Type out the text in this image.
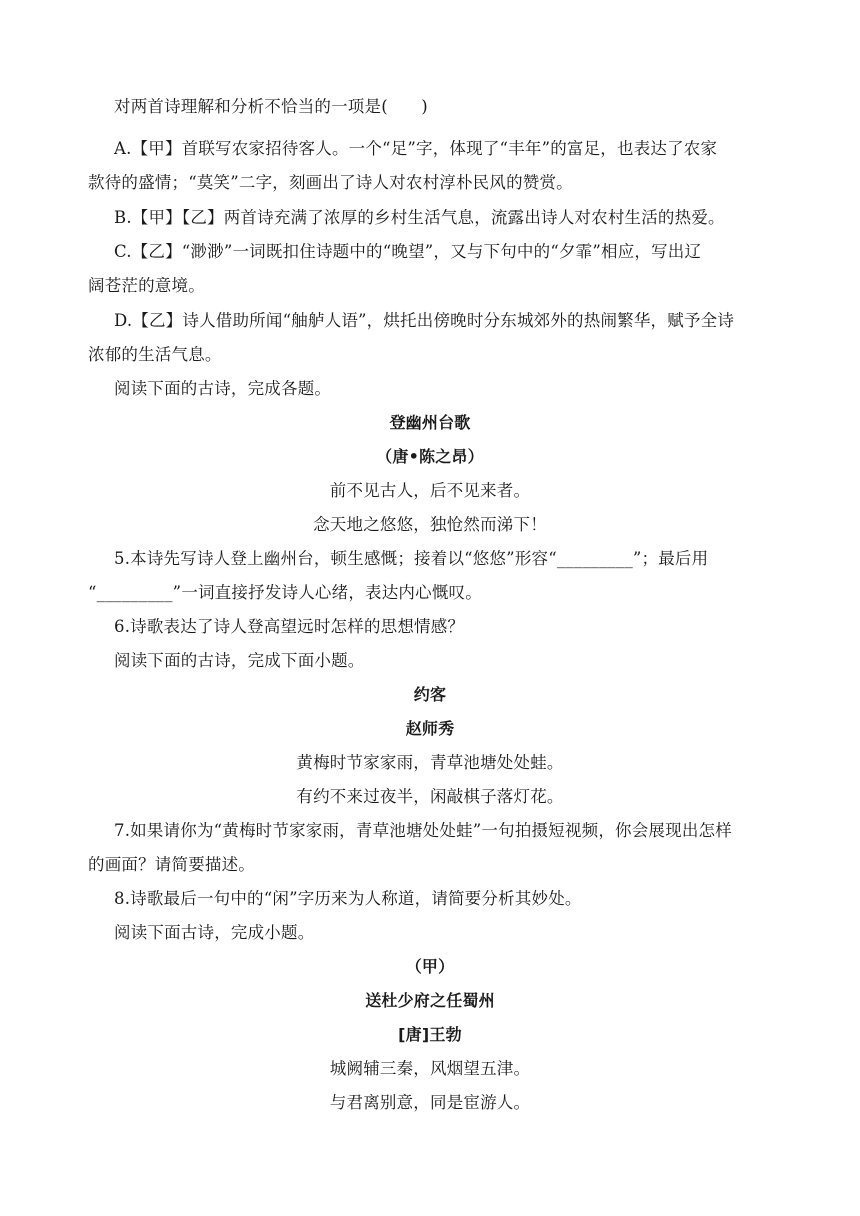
对两首诗理解和分析不恰当的一项是(　　)
A.【甲】首联写农家招待客人。一个“足”字，体现了“丰年”的富足，也表达了农家
款待的盛情；“莫笑”二字，刻画出了诗人对农村淳朴民风的赞赏。
B.【甲】【乙】两首诗充满了浓厚的乡村生活气息，流露出诗人对农村生活的热爱。
C.【乙】“渺渺”一词既扣住诗题中的“晚望”，又与下句中的“夕霏”相应，写出辽
阔苍茫的意境。
D.【乙】诗人借助所闻“舳舻人语”，烘托出傍晚时分东城郊外的热闹繁华，赋予全诗
浓郁的生活气息。
阅读下面的古诗，完成各题。
登幽州台歌
（唐•陈之昂）
前不见古人，后不见来者。
念天地之悠悠，独怆然而涕下！
5.本诗先写诗人登上幽州台，顿生感慨；接着以“悠悠”形容“_________”；最后用
“_________”一词直接抒发诗人心绪，表达内心慨叹。
6.诗歌表达了诗人登高望远时怎样的思想情感？
阅读下面的古诗，完成下面小题。
约客
赵师秀
黄梅时节家家雨，青草池塘处处蛙。
有约不来过夜半，闲敲棋子落灯花。
7.如果请你为“黄梅时节家家雨，青草池塘处处蛙”一句拍摄短视频，你会展现出怎样
的画面？请简要描述。
8.诗歌最后一句中的“闲”字历来为人称道，请简要分析其妙处。
阅读下面古诗，完成小题。
（甲）
送杜少府之任蜀州
[唐]王勃
城阙辅三秦，风烟望五津。
与君离别意，同是宦游人。
